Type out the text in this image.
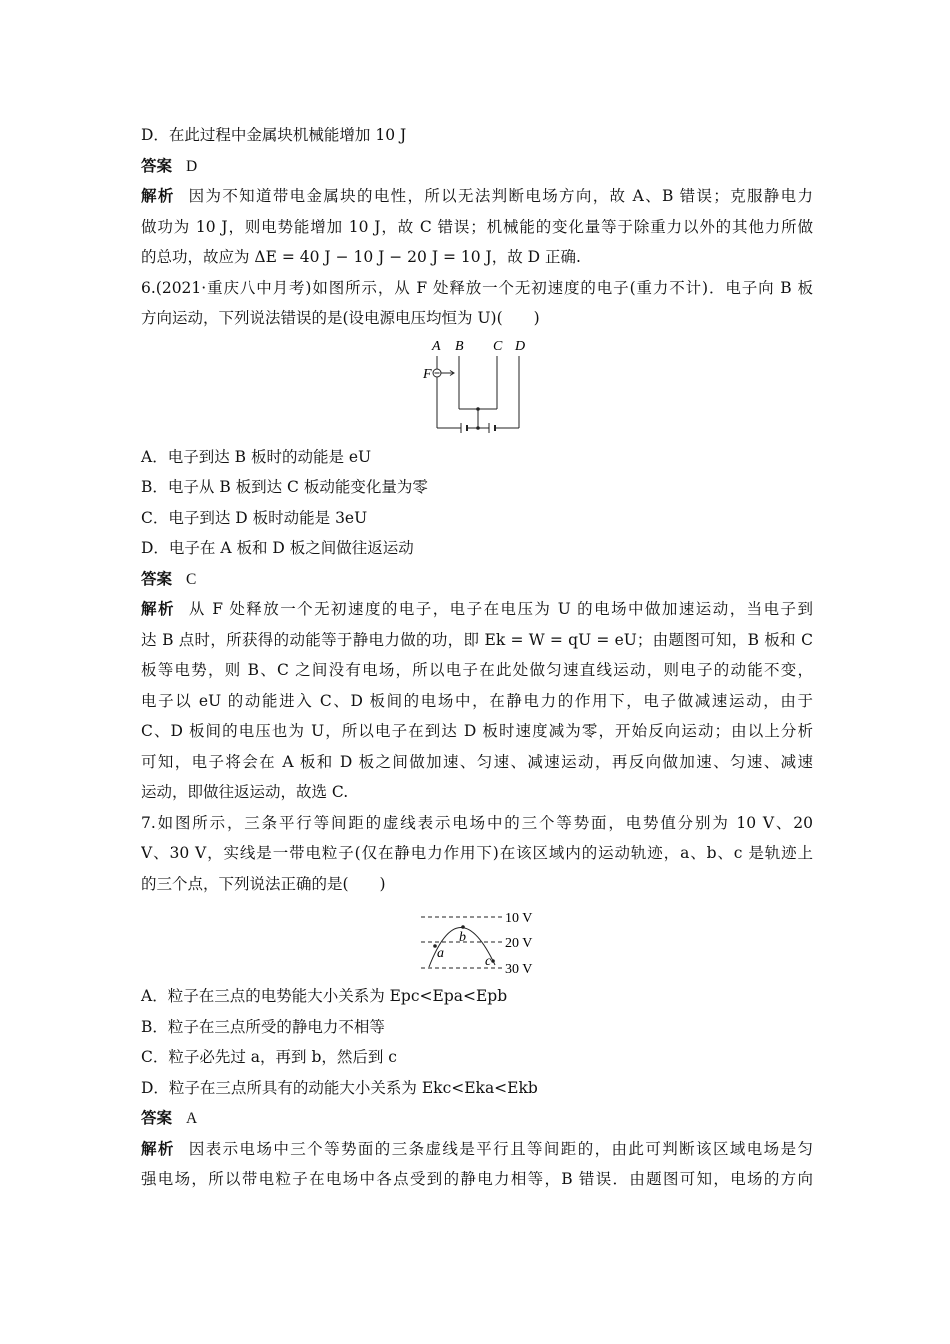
D．在此过程中金属块机械能增加 10 J
答案 D
解析 因为不知道带电金属块的电性，所以无法判断电场方向，故 A、B 错误；克服静电力
做功为 10 J，则电势能增加 10 J，故 C 错误；机械能的变化量等于除重力以外的其他力所做
的总功，故应为 ΔE = 40 J − 10 J − 20 J = 10 J，故 D 正确.
6.(2021·重庆八中月考)如图所示，从 F 处释放一个无初速度的电子(重力不计)．电子向 B 板
方向运动，下列说法错误的是(设电源电压均恒为 U)(　　)
A B C D
F
A．电子到达 B 板时的动能是 eU
B．电子从 B 板到达 C 板动能变化量为零
C．电子到达 D 板时动能是 3eU
D．电子在 A 板和 D 板之间做往返运动
答案 C
解析 从 F 处释放一个无初速度的电子，电子在电压为 U 的电场中做加速运动，当电子到
达 B 点时，所获得的动能等于静电力做的功，即 Ek = W = qU = eU；由题图可知，B 板和 C
板等电势，则 B、C 之间没有电场，所以电子在此处做匀速直线运动，则电子的动能不变，
电子以 eU 的动能进入 C、D 板间的电场中，在静电力的作用下，电子做减速运动，由于
C、D 板间的电压也为 U，所以电子在到达 D 板时速度减为零，开始反向运动；由以上分析
可知，电子将会在 A 板和 D 板之间做加速、匀速、减速运动，再反向做加速、匀速、减速
运动，即做往返运动，故选 C.
7.如图所示，三条平行等间距的虚线表示电场中的三个等势面，电势值分别为 10 V、20
V、30 V，实线是一带电粒子(仅在静电力作用下)在该区域内的运动轨迹，a、b、c 是轨迹上
的三个点，下列说法正确的是(　　)
a
b
c
10 V
20 V
30 V
A．粒子在三点的电势能大小关系为 Epc<Epa<Epb
B．粒子在三点所受的静电力不相等
C．粒子必先过 a，再到 b，然后到 c
D．粒子在三点所具有的动能大小关系为 Ekc<Eka<Ekb
答案 A
解析 因表示电场中三个等势面的三条虚线是平行且等间距的，由此可判断该区域电场是匀
强电场，所以带电粒子在电场中各点受到的静电力相等，B 错误．由题图可知，电场的方向
